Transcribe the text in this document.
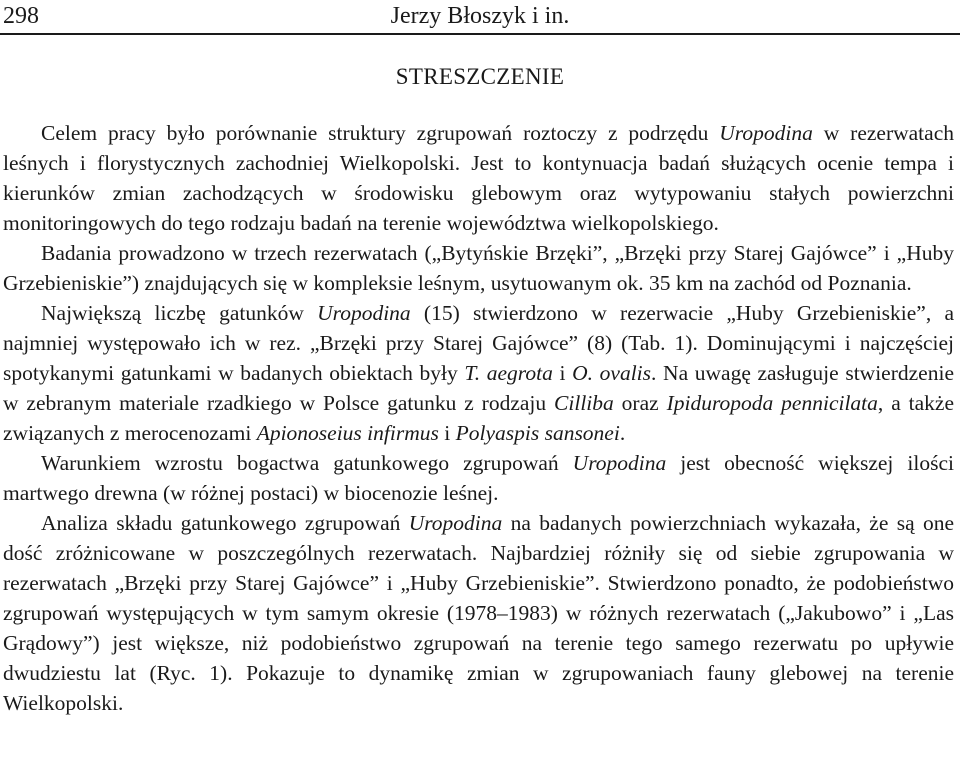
298	Jerzy Błoszyk i in.
STRESZCZENIE

Celem pracy było porównanie struktury zgrupowań roztoczy z podrzędu Uropodina w rezerwatach leśnych i florystycznych zachodniej Wielkopolski. Jest to kontynuacja badań służących ocenie tempa i kierunków zmian zachodzących w środowisku glebowym oraz wytypowaniu stałych powierzchni monitoringowych do tego rodzaju badań na terenie województwa wielkopolskiego.

Badania prowadzono w trzech rezerwatach („Bytyńskie Brzęki”, „Brzęki przy Starej Gajówce” i „Huby Grzebieniskie”) znajdujących się w kompleksie leśnym, usytuowanym ok. 35 km na zachód od Poznania.

Największą liczbę gatunków Uropodina (15) stwierdzono w rezerwacie „Huby Grzebieniskie”, a najmniej występowało ich w rez. „Brzęki przy Starej Gajówce” (8) (Tab. 1). Dominującymi i najczęściej spotykanymi gatunkami w badanych obiektach były T. aegrota i O. ovalis. Na uwagę zasługuje stwierdzenie w zebranym materiale rzadkiego w Polsce gatunku z rodzaju Cilliba oraz Ipiduropoda pennicilata, a także związanych z merocenozami Apionoseius infirmus i Polyaspis sansonei.

Warunkiem wzrostu bogactwa gatunkowego zgrupowań Uropodina jest obecność większej ilości martwego drewna (w różnej postaci) w biocenozie leśnej.

Analiza składu gatunkowego zgrupowań Uropodina na badanych powierzchniach wykazała, że są one dość zróżnicowane w poszczególnych rezerwatach. Najbardziej różniły się od siebie zgrupowania w rezerwatach „Brzęki przy Starej Gajówce” i „Huby Grzebieniskie”. Stwierdzono ponadto, że podobieństwo zgrupowań występujących w tym samym okresie (1978–1983) w różnych rezerwatach („Jakubowo” i „Las Grądowy”) jest większe, niż podobieństwo zgrupowań na terenie tego samego rezerwatu po upływie dwudziestu lat (Ryc. 1). Pokazuje to dynamikę zmian w zgrupowaniach fauny glebowej na terenie Wielkopolski.
